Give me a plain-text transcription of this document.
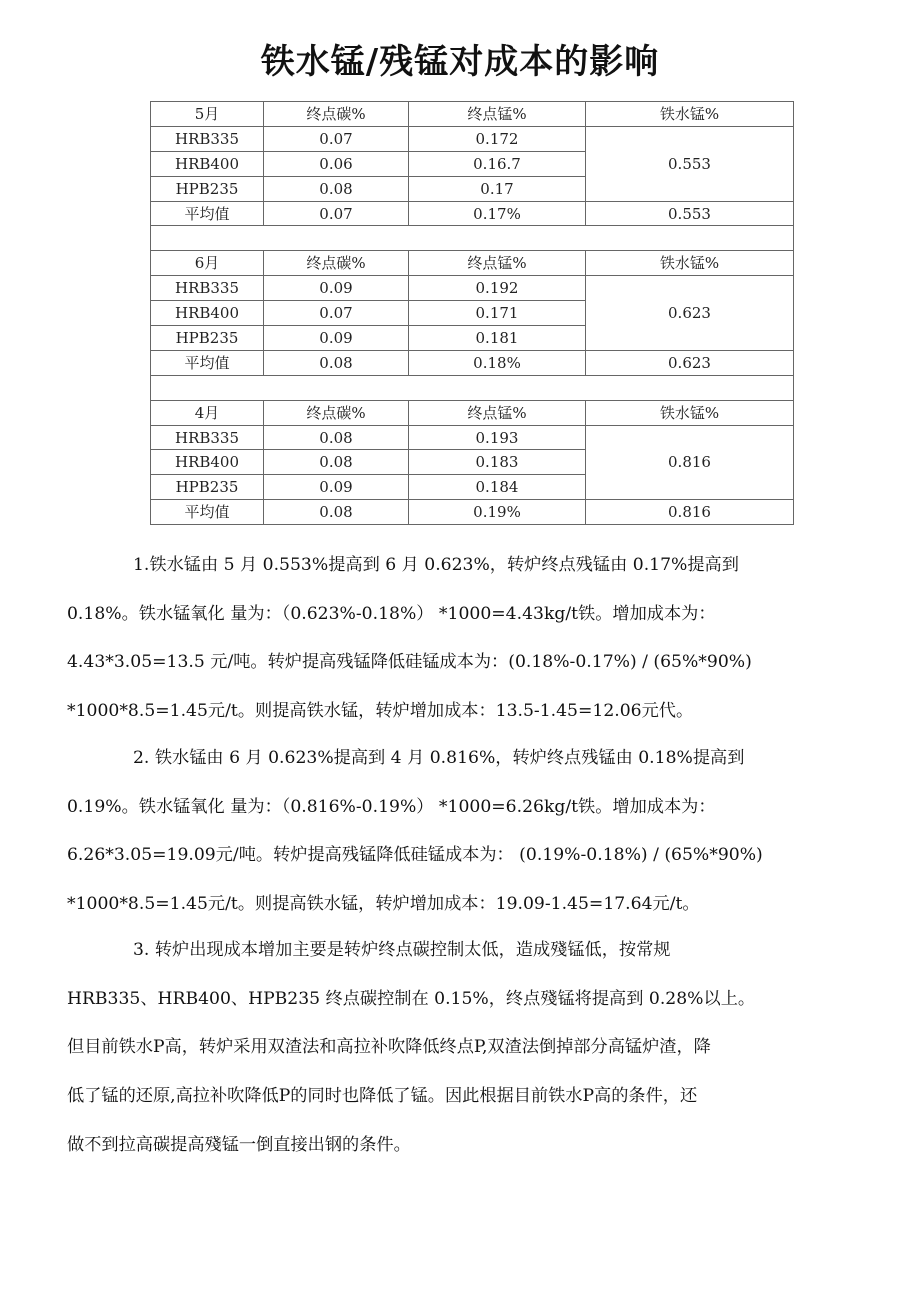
铁水锰/残锰对成本的影响
5月	终点碳%	终点锰%	铁水锰%
HRB335	0.07	0.172	0.553
HRB400	0.06	0.16.7	
HPB235	0.08	0.17	
平均值	0.07	0.17%	0.553

6月	终点碳%	终点锰%	铁水锰%
HRB335	0.09	0.192	0.623
HRB400	0.07	0.171	
HPB235	0.09	0.181	
平均值	0.08	0.18%	0.623

4月	终点碳%	终点锰%	铁水锰%
HRB335	0.08	0.193	0.816
HRB400	0.08	0.183	
HPB235	0.09	0.184	
平均值	0.08	0.19%	0.816
1.铁水锰由 5 月 0.553%提高到 6 月 0.623%，转炉终点残锰由 0.17%提高到
0.18%。铁水锰氧化 量为：（0.623%-0.18%） *1000=4.43kg/t铁。增加成本为：
4.43*3.05=13.5 元/吨。转炉提高残锰降低硅锰成本为：(0.18%-0.17%) / (65%*90%)
*1000*8.5=1.45元/t。则提高铁水锰，转炉增加成本：13.5-1.45=12.06元代。
2. 铁水锰由 6 月 0.623%提高到 4 月 0.816%，转炉终点残锰由 0.18%提高到
0.19%。铁水锰氧化 量为：（0.816%-0.19%） *1000=6.26kg/t铁。增加成本为：
6.26*3.05=19.09元/吨。转炉提高残锰降低硅锰成本为： (0.19%-0.18%) / (65%*90%)
*1000*8.5=1.45元/t。则提高铁水锰，转炉增加成本：19.09-1.45=17.64元/t。
3. 转炉出现成本增加主要是转炉终点碳控制太低，造成殘锰低，按常规
HRB335、HRB400、HPB235 终点碳控制在 0.15%，终点殘锰将提高到 0.28%以上。
但目前铁水P高，转炉采用双渣法和高拉补吹降低终点P,双渣法倒掉部分高锰炉渣，降
低了锰的还原,高拉补吹降低P的同时也降低了锰。因此根据目前铁水P高的条件，还
做不到拉高碳提高殘锰一倒直接出钢的条件。
